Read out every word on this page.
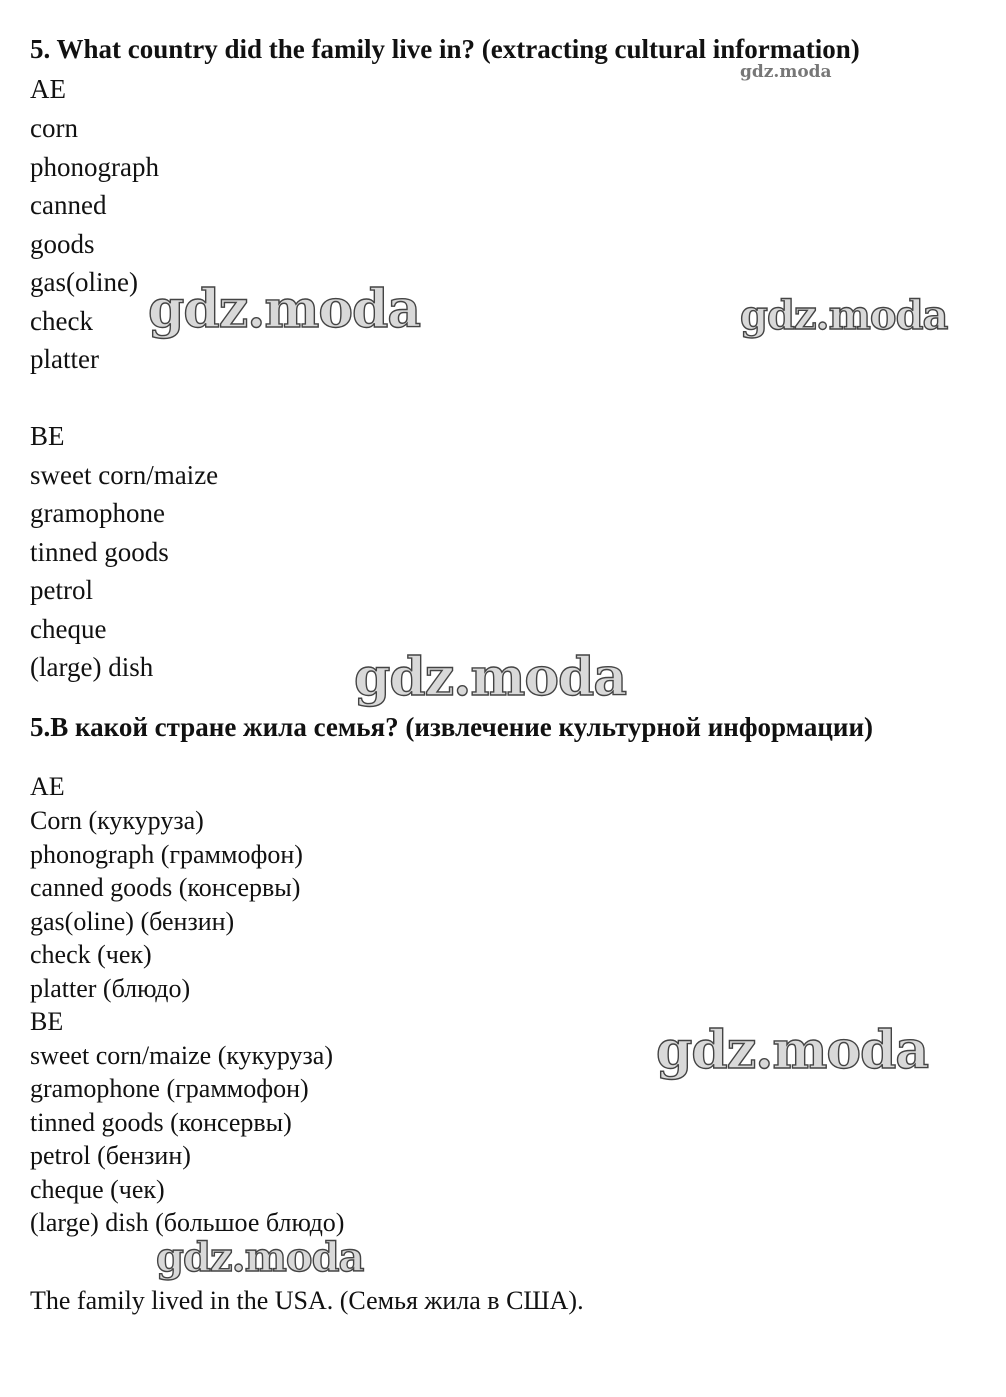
5. What country did the family live in? (extracting cultural information)
AE
corn
phonograph
canned
goods
gas(oline)
check
platter
BE
sweet corn/maize
gramophone
tinned goods
petrol
cheque
(large) dish
5.В какой стране жила семья? (извлечение культурной информации)
AE
Corn (кукуруза)
phonograph (граммофон)
canned goods (консервы)
gas(oline) (бензин)
check (чек)
platter (блюдо)
BE
sweet corn/maize (кукуруза)
gramophone (граммофон)
tinned goods (консервы)
petrol (бензин)
cheque (чек)
(large) dish (большое блюдо)
The family lived in the USA. (Семья жила в США).
gdz.moda
gdz.moda	gdz.moda
gdz.moda
gdz.moda
gdz.moda
